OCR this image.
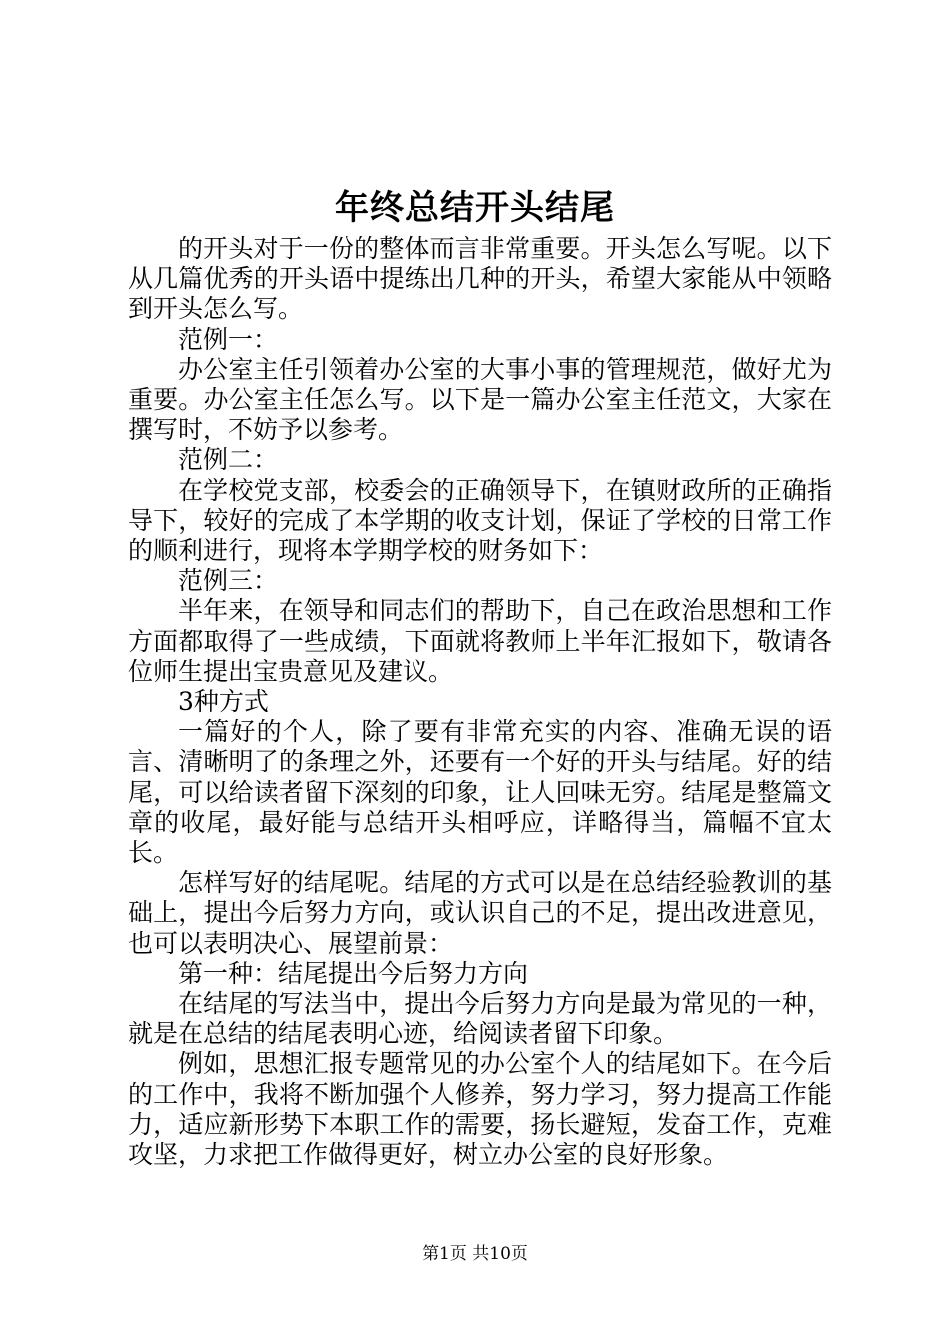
年终总结开头结尾

的开头对于一份的整体而言非常重要。开头怎么写呢。以下从几篇优秀的开头语中提练出几种的开头，希望大家能从中领略到开头怎么写。

范例一：

办公室主任引领着办公室的大事小事的管理规范，做好尤为重要。办公室主任怎么写。以下是一篇办公室主任范文，大家在撰写时，不妨予以参考。

范例二：

在学校党支部，校委会的正确领导下，在镇财政所的正确指导下，较好的完成了本学期的收支计划，保证了学校的日常工作的顺利进行，现将本学期学校的财务如下：

范例三：

半年来，在领导和同志们的帮助下，自己在政治思想和工作方面都取得了一些成绩，下面就将教师上半年汇报如下，敬请各位师生提出宝贵意见及建议。

3种方式

一篇好的个人，除了要有非常充实的内容、准确无误的语言、清晰明了的条理之外，还要有一个好的开头与结尾。好的结尾，可以给读者留下深刻的印象，让人回味无穷。结尾是整篇文章的收尾，最好能与总结开头相呼应，详略得当，篇幅不宜太长。

怎样写好的结尾呢。结尾的方式可以是在总结经验教训的基础上，提出今后努力方向，或认识自己的不足，提出改进意见，也可以表明决心、展望前景：

第一种：结尾提出今后努力方向

在结尾的写法当中，提出今后努力方向是最为常见的一种，就是在总结的结尾表明心迹，给阅读者留下印象。

例如，思想汇报专题常见的办公室个人的结尾如下。在今后的工作中，我将不断加强个人修养，努力学习，努力提高工作能力，适应新形势下本职工作的需要，扬长避短，发奋工作，克难攻坚，力求把工作做得更好，树立办公室的良好形象。

第1页 共10页
